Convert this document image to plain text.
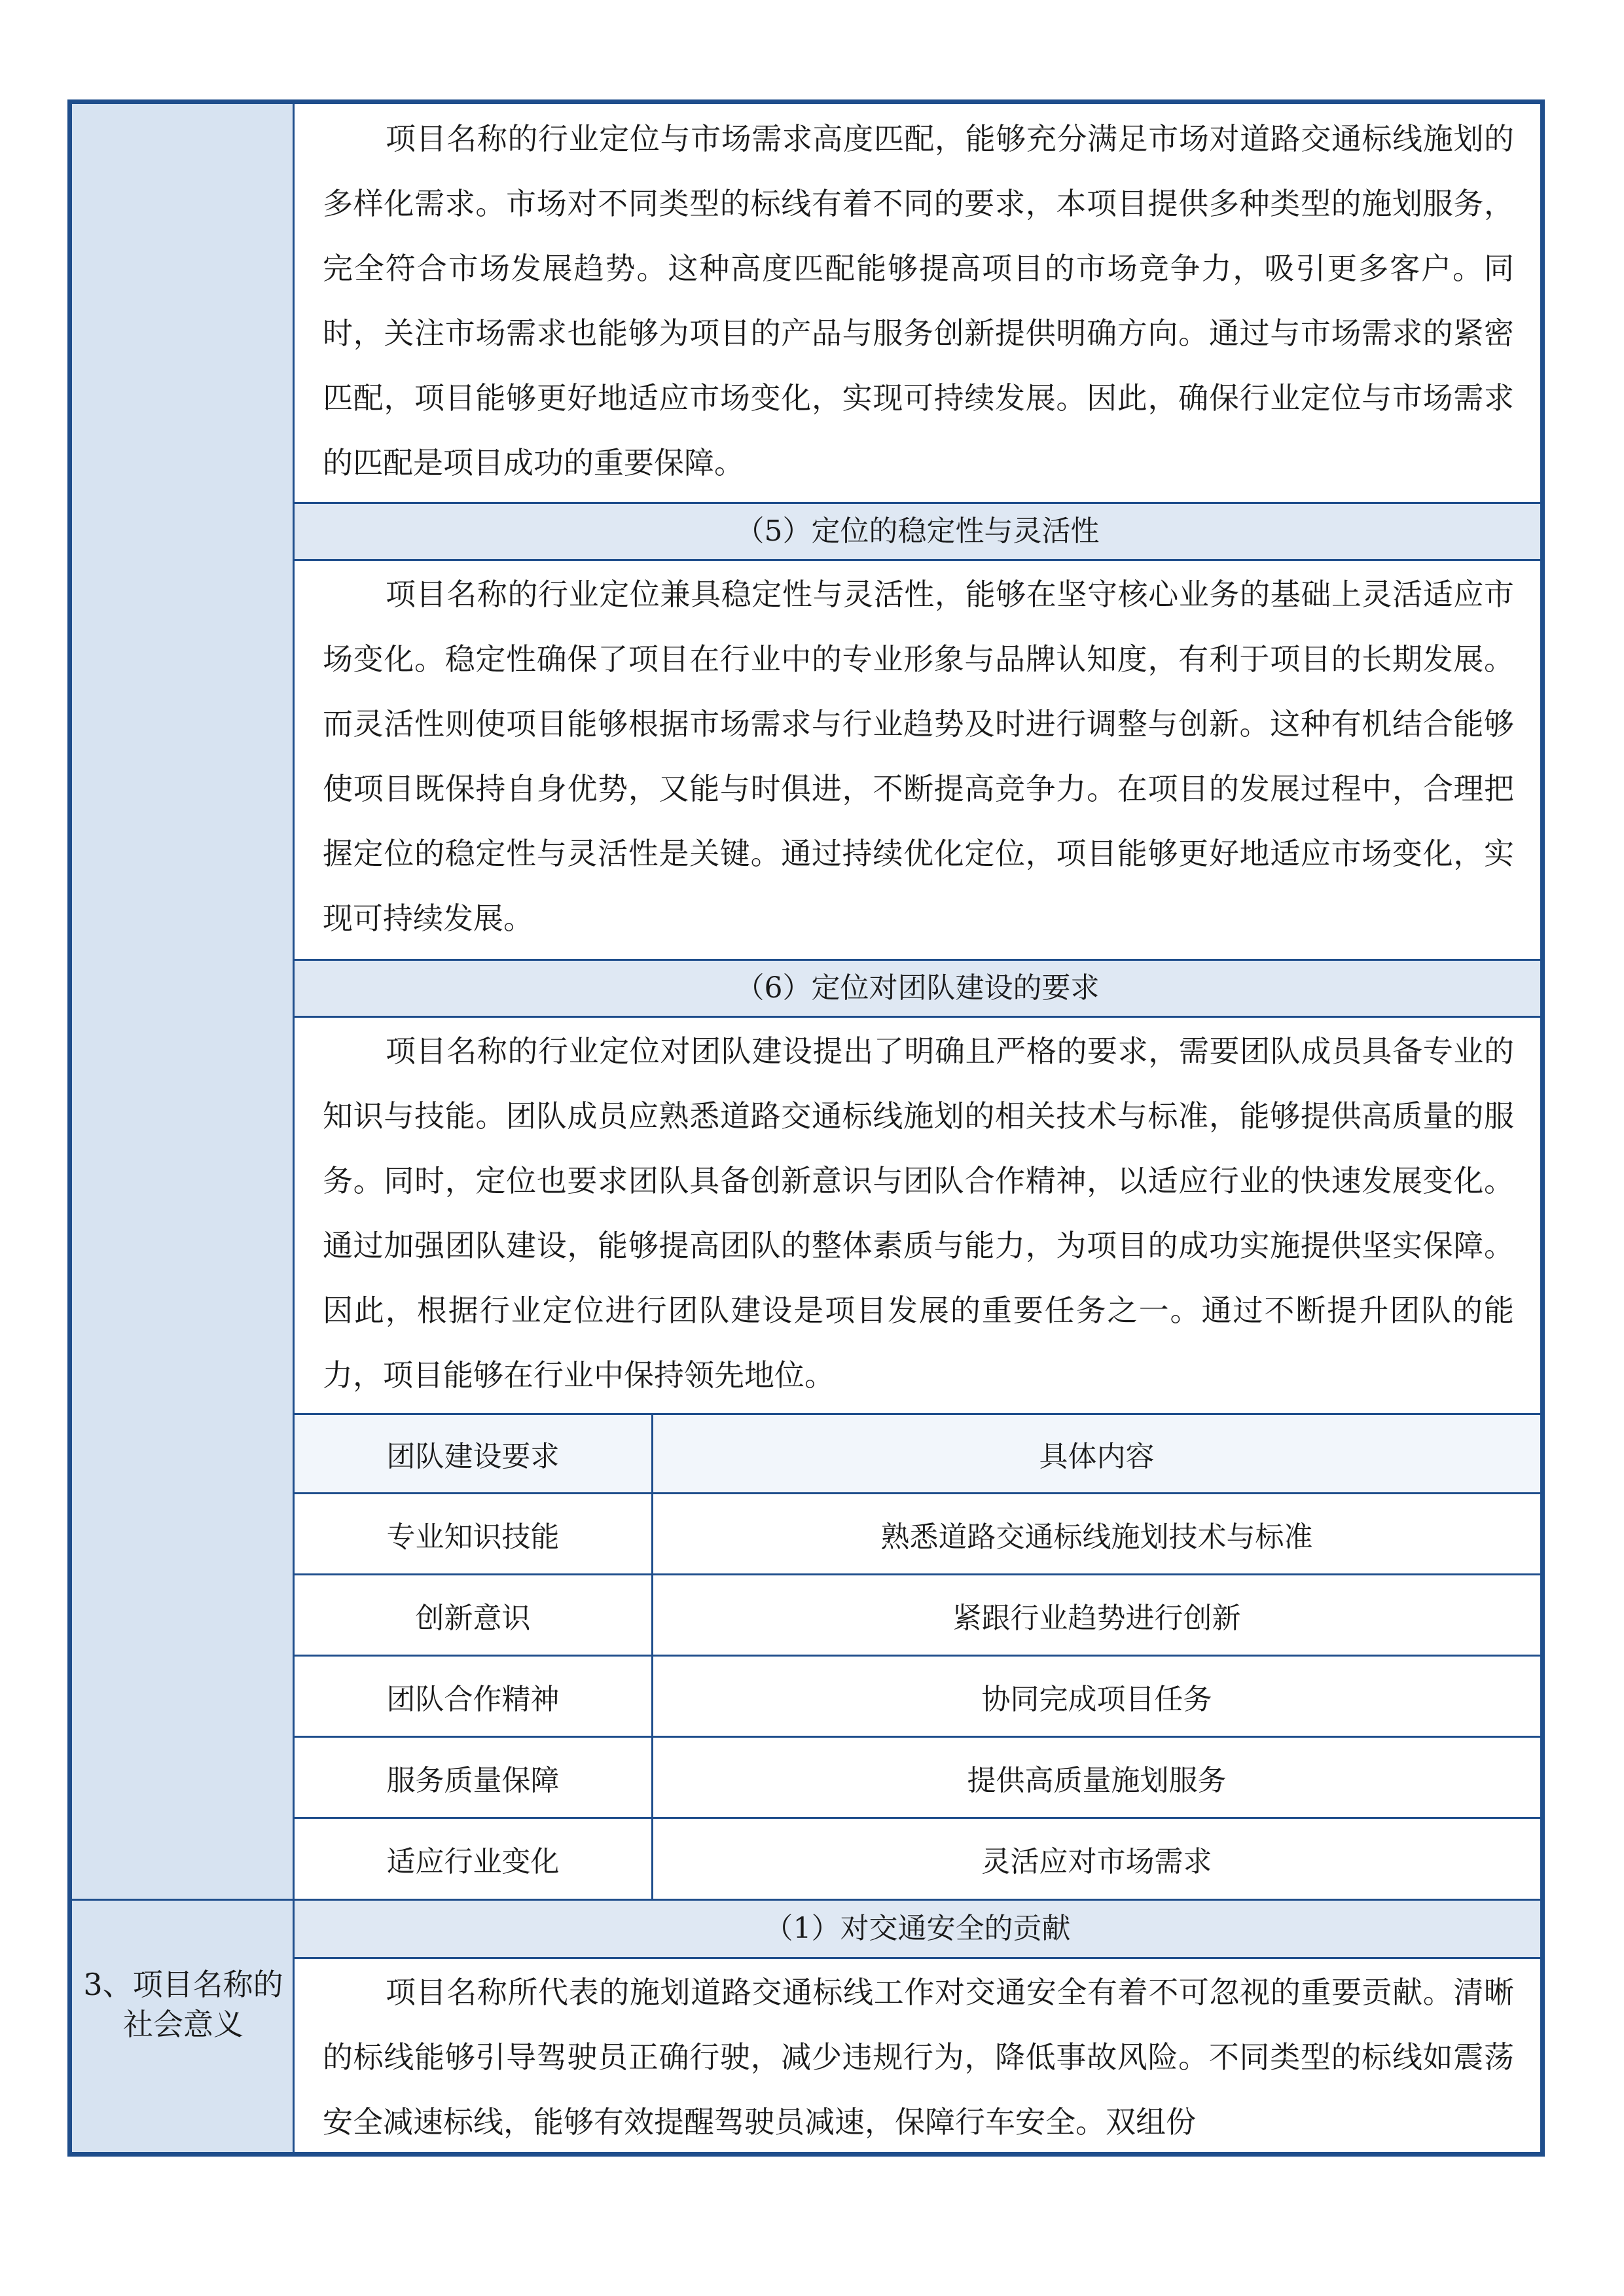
3、项目名称的社会意义

项目名称的行业定位与市场需求高度匹配，能够充分满足市场对道路交通标线施划的多样化需求。市场对不同类型的标线有着不同的要求，本项目提供多种类型的施划服务，完全符合市场发展趋势。这种高度匹配能够提高项目的市场竞争力，吸引更多客户。同时，关注市场需求也能够为项目的产品与服务创新提供明确方向。通过与市场需求的紧密匹配，项目能够更好地适应市场变化，实现可持续发展。因此，确保行业定位与市场需求的匹配是项目成功的重要保障。

（5）定位的稳定性与灵活性

项目名称的行业定位兼具稳定性与灵活性，能够在坚守核心业务的基础上灵活适应市场变化。稳定性确保了项目在行业中的专业形象与品牌认知度，有利于项目的长期发展。而灵活性则使项目能够根据市场需求与行业趋势及时进行调整与创新。这种有机结合能够使项目既保持自身优势，又能与时俱进，不断提高竞争力。在项目的发展过程中，合理把握定位的稳定性与灵活性是关键。通过持续优化定位，项目能够更好地适应市场变化，实现可持续发展。

（6）定位对团队建设的要求

项目名称的行业定位对团队建设提出了明确且严格的要求，需要团队成员具备专业的知识与技能。团队成员应熟悉道路交通标线施划的相关技术与标准，能够提供高质量的服务。同时，定位也要求团队具备创新意识与团队合作精神，以适应行业的快速发展变化。通过加强团队建设，能够提高团队的整体素质与能力，为项目的成功实施提供坚实保障。因此，根据行业定位进行团队建设是项目发展的重要任务之一。通过不断提升团队的能力，项目能够在行业中保持领先地位。

团队建设要求	具体内容
专业知识技能	熟悉道路交通标线施划技术与标准
创新意识	紧跟行业趋势进行创新
团队合作精神	协同完成项目任务
服务质量保障	提供高质量施划服务
适应行业变化	灵活应对市场需求
（1）对交通安全的贡献

项目名称所代表的施划道路交通标线工作对交通安全有着不可忽视的重要贡献。清晰的标线能够引导驾驶员正确行驶，减少违规行为，降低事故风险。不同类型的标线如震荡安全减速标线，能够有效提醒驾驶员减速，保障行车安全。双组份
